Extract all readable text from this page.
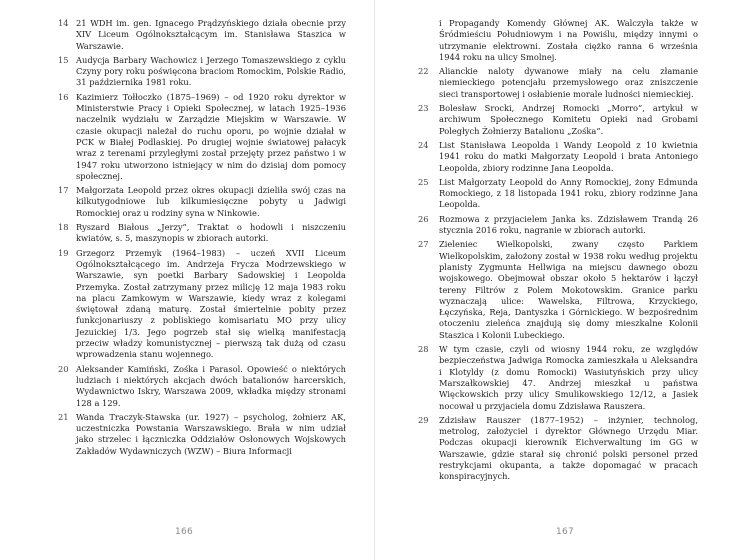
14 21 WDH im. gen. Ignacego Prądzyńskiego działa obecnie przy XIV Liceum Ogólnokształcącym im. Stanisława Staszica w Warszawie.
15 Audycja Barbary Wachowicz i Jerzego Tomaszewskiego z cyklu Czyny pory roku poświęcona braciom Romockim, Polskie Radio, 31 października 1981 roku.
16 Kazimierz Tołłoczko (1875–1969) – od 1920 roku dyrektor w Ministerstwie Pracy i Opieki Społecznej, w latach 1925–1936 naczelnik wydziału w Zarządzie Miejskim w Warszawie. W czasie okupacji należał do ruchu oporu, po wojnie działał w PCK w Białej Podlaskiej. Po drugiej wojnie światowej pałacyk wraz z terenami przyległymi został przejęty przez państwo i w 1947 roku utworzono istniejący w nim do dzisiaj dom pomocy społecznej.
17 Małgorzata Leopold przez okres okupacji dzieliła swój czas na kilkutygodniowe lub kilkumiesięczne pobyty u Jadwigi Romockiej oraz u rodziny syna w Ninkowie.
18 Ryszard Białous „Jerzy”, Traktat o hodowli i niszczeniu kwiatów, s. 5, maszynopis w zbiorach autorki.
19 Grzegorz Przemyk (1964–1983) – uczeń XVII Liceum Ogólnokształcącego im. Andrzeja Frycza Modrzewskiego w Warszawie, syn poetki Barbary Sadowskiej i Leopolda Przemyka. Został zatrzymany przez milicję 12 maja 1983 roku na placu Zamkowym w Warszawie, kiedy wraz z kolegami świętował zdaną maturę. Został śmiertelnie pobity przez funkcjonariuszy z pobliskiego komisariatu MO przy ulicy Jezuickiej 1/3. Jego pogrzeb stał się wielką manifestacją przeciw władzy komunistycznej – pierwszą tak dużą od czasu wprowadzenia stanu wojennego.
20 Aleksander Kamiński, Zośka i Parasol. Opowieść o niektórych ludziach i niektórych akcjach dwóch batalionów harcerskich, Wydawnictwo Iskry, Warszawa 2009, wkładka między stronami 128 a 129.
21 Wanda Traczyk-Stawska (ur. 1927) – psycholog, żołnierz AK, uczestniczka Powstania Warszawskiego. Brała w nim udział jako strzelec i łączniczka Oddziałów Osłonowych Wojskowych Zakładów Wydawniczych (WZW) – Biura Informacji
166
i Propagandy Komendy Głównej AK. Walczyła także w Śródmieściu Południowym i na Powiślu, między innymi o utrzymanie elektrowni. Została ciężko ranna 6 września 1944 roku na ulicy Smolnej.
22	Alianckie naloty dywanowe miały na celu złamanie niemieckiego potencjału przemysłowego oraz zniszczenie sieci transportowej i osłabienie morale ludności niemieckiej.
23	Bolesław Srocki, Andrzej Romocki „Morro”, artykuł w archiwum Społecznego Komitetu Opieki nad Grobami Poległych Żołnierzy Batalionu „Zośka”.
24	List Stanisława Leopolda i Wandy Leopold z 10 kwietnia 1941 roku do matki Małgorzaty Leopold i brata Antoniego Leopolda, zbiory rodzinne Jana Leopolda.
25	List Małgorzaty Leopold do Anny Romockiej, żony Edmunda Romockiego, z 18 listopada 1941 roku, zbiory rodzinne Jana Leopolda.
26	Rozmowa z przyjacielem Janka ks. Zdzisławem Trandą 26 stycznia 2016 roku, nagranie w zbiorach autorki.
27	Zieleniec Wielkopolski, zwany często Parkiem Wielkopolskim, założony został w 1938 roku według projektu planisty Zygmunta Hellwiga na miejscu dawnego obozu wojskowego. Obejmował obszar około 5 hektarów i łączył tereny Filtrów z Polem Mokotowskim. Granice parku wyznaczają ulice: Wawelska, Filtrowa, Krzyckiego, Łęczyńska, Reja, Dantyszka i Górnickiego. W bezpośrednim otoczeniu zieleńca znajdują się domy mieszkalne Kolonii Staszica i Kolonii Lubeckiego.
28	W tym czasie, czyli od wiosny 1944 roku, ze względów bezpieczeństwa Jadwiga Romocka zamieszkała u Aleksandra i Klotyldy (z domu Romocki) Wasiutyńskich przy ulicy Marszałkowskiej 47. Andrzej mieszkał u państwa Więckowskich przy ulicy Smulikowskiego 12/12, a Jasiek nocował u przyjaciela domu Zdzisława Rauszera.
29	Zdzisław Rauszer (1877–1952) – inżynier, technolog, metrolog, założyciel i dyrektor Głównego Urzędu Miar. Podczas okupacji kierownik Eichverwaltung im GG w Warszawie, gdzie starał się chronić polski personel przed restrykcjami okupanta, a także dopomagać w pracach konspiracyjnych.
167
